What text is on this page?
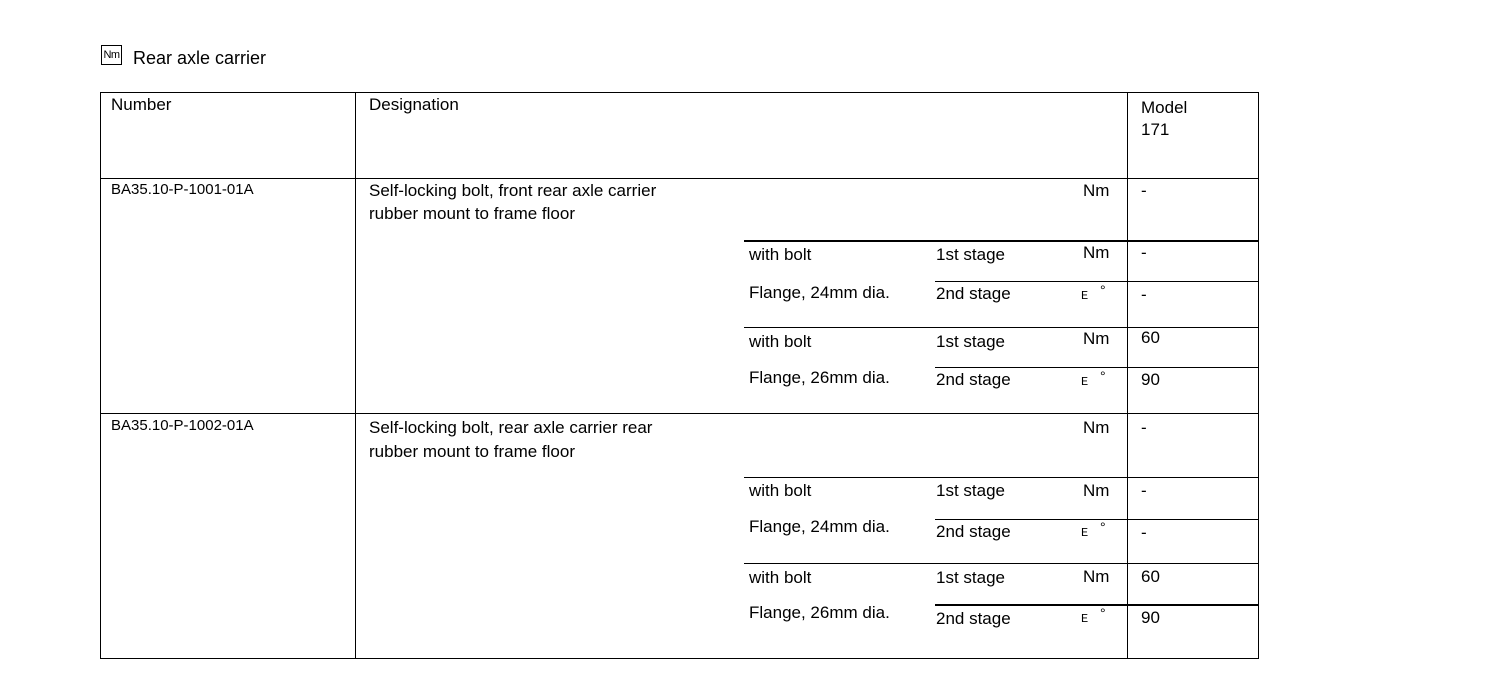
Nm Rear axle carrier
Number	Designation	Model
171
BA35.10-P-1001-01A	Self-locking bolt, front rear axle carrier
rubber mount to frame floor
Nm -
with bolt	1st stage	Nm -
Flange, 24mm dia.	2nd stage	E ° -
with bolt	1st stage	Nm 60
Flange, 26mm dia.	2nd stage	E ° 90
BA35.10-P-1002-01A	Self-locking bolt, rear axle carrier rear
rubber mount to frame floor
Nm -
with bolt	1st stage	Nm -
Flange, 24mm dia.	2nd stage	E ° -
with bolt	1st stage	Nm 60
Flange, 26mm dia.	2nd stage	E ° 90
